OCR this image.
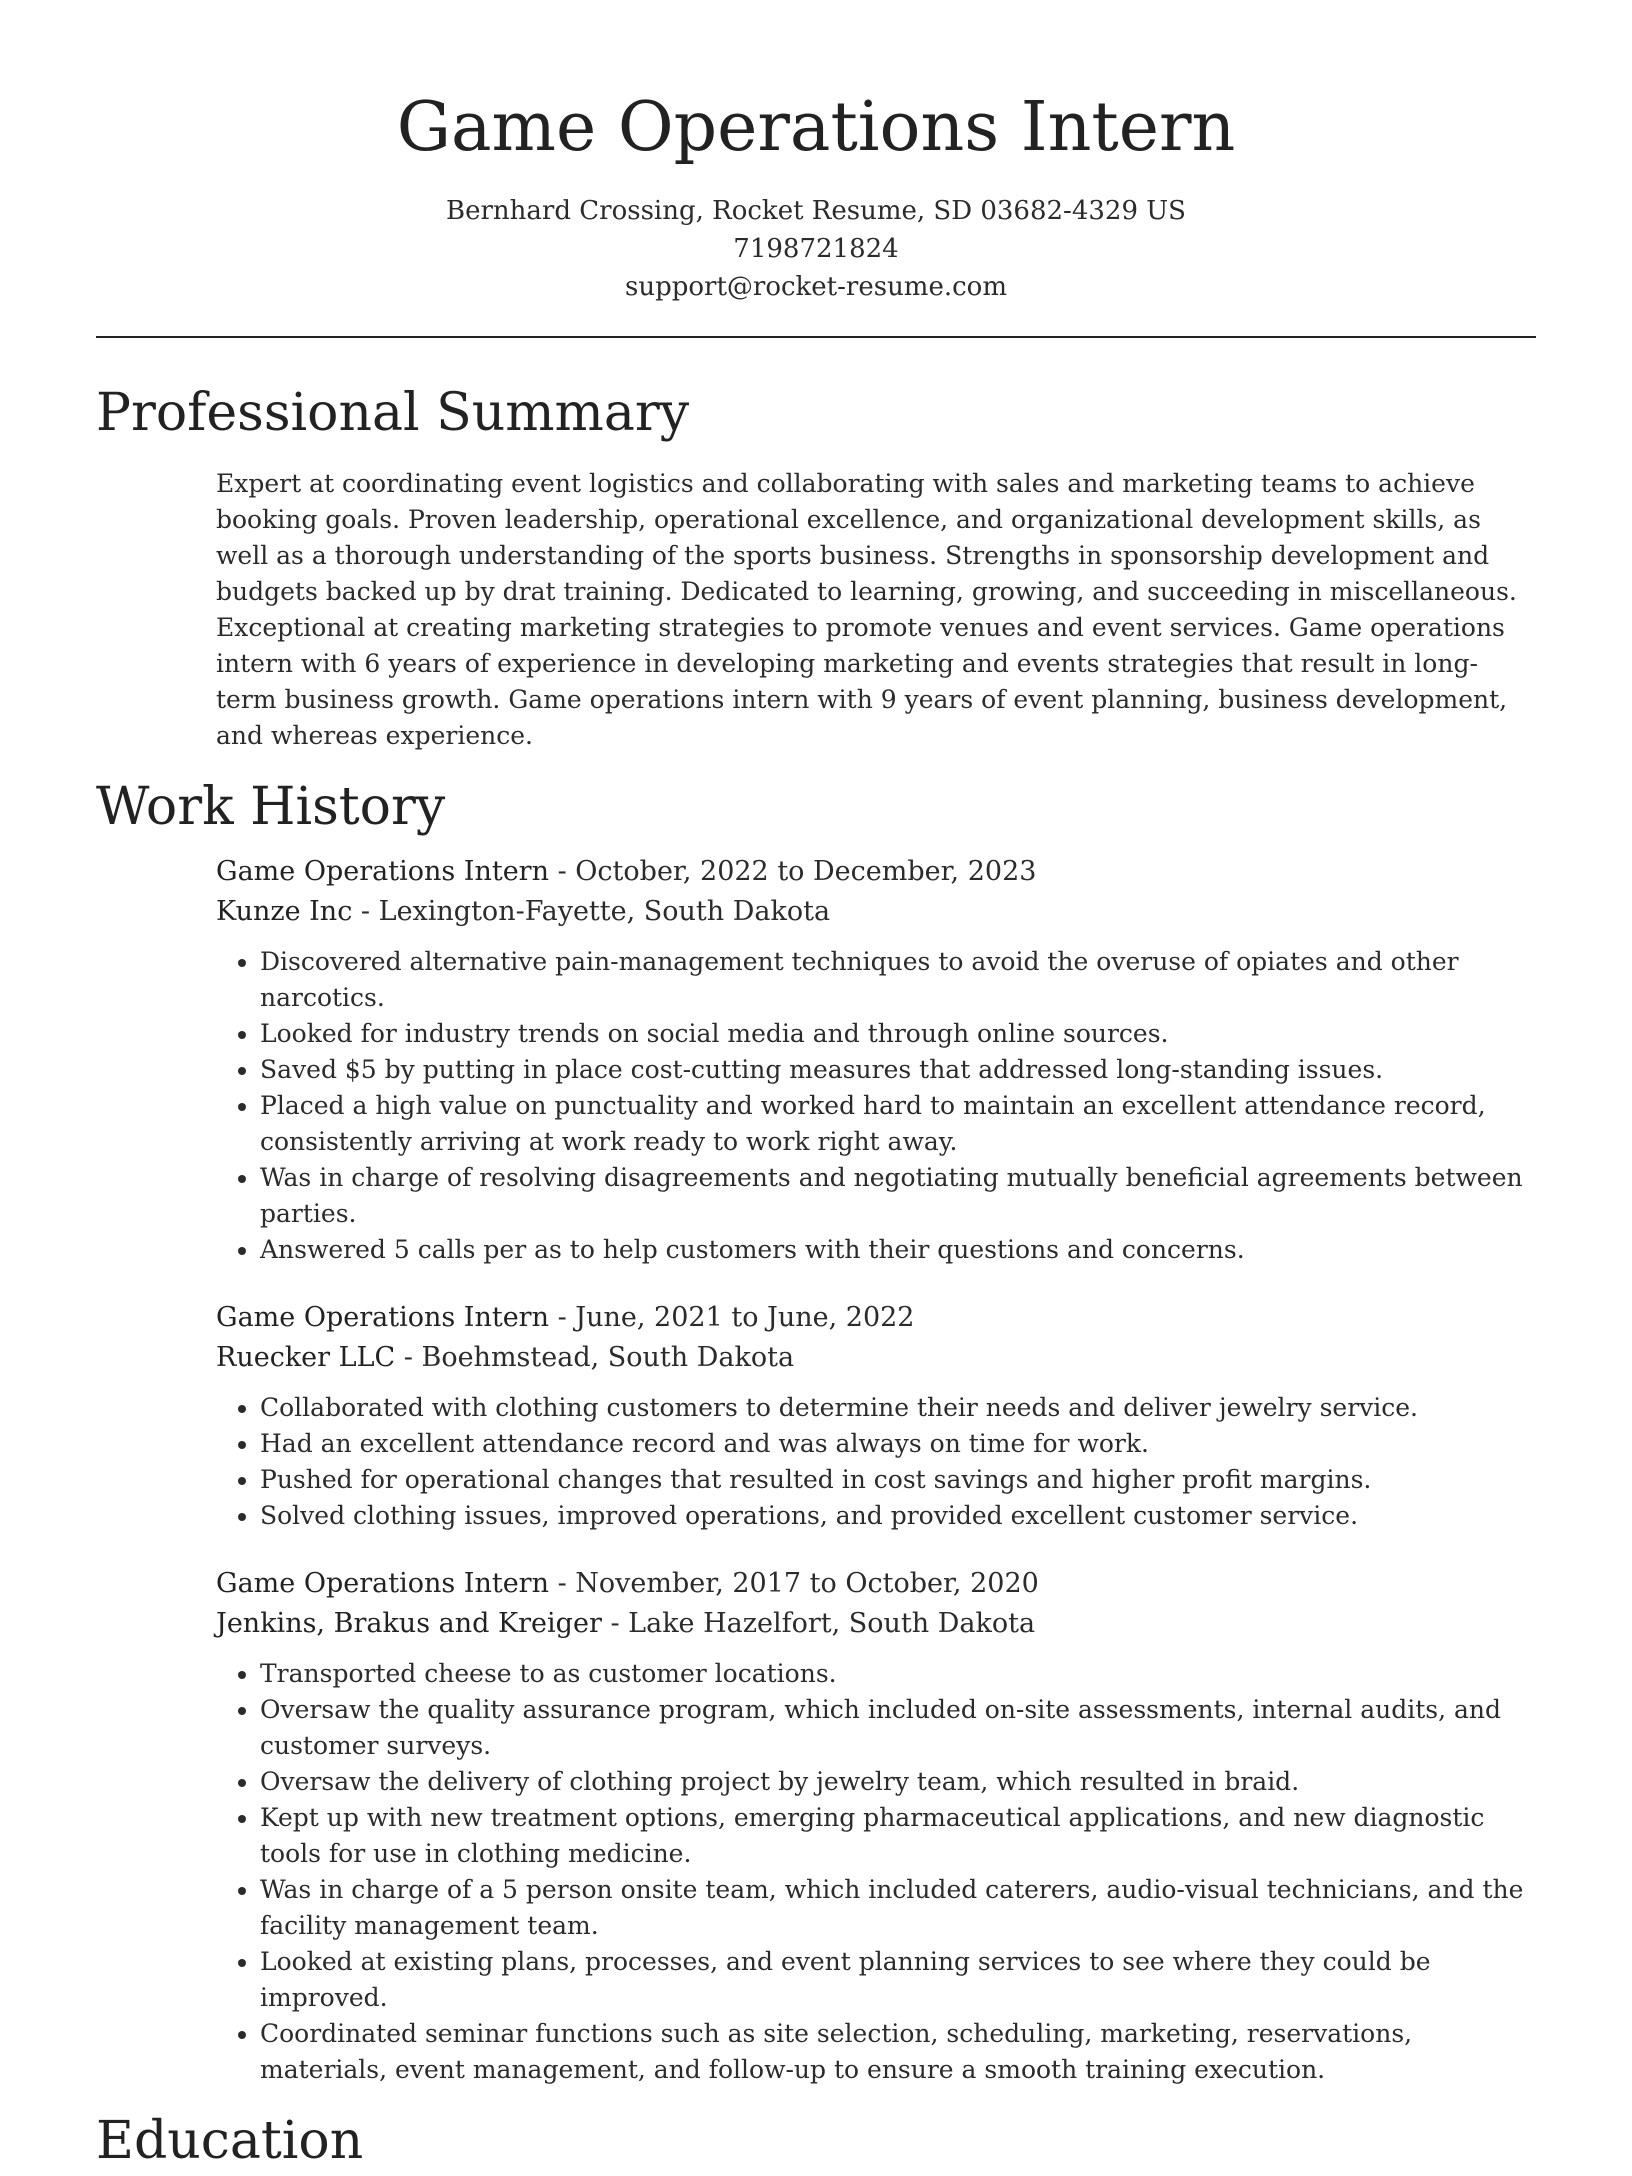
Game Operations Intern
Bernhard Crossing, Rocket Resume, SD 03682-4329 US
7198721824
support@rocket-resume.com
Professional Summary

Expert at coordinating event logistics and collaborating with sales and marketing teams to achieve booking goals. Proven leadership, operational excellence, and organizational development skills, as well as a thorough understanding of the sports business. Strengths in sponsorship development and budgets backed up by drat training. Dedicated to learning, growing, and succeeding in miscellaneous. Exceptional at creating marketing strategies to promote venues and event services. Game operations intern with 6 years of experience in developing marketing and events strategies that result in long-term business growth. Game operations intern with 9 years of event planning, business development, and whereas experience.

Work History
Game Operations Intern - October, 2022 to December, 2023
Kunze Inc - Lexington-Fayette, South Dakota
• Discovered alternative pain-management techniques to avoid the overuse of opiates and other narcotics.
• Looked for industry trends on social media and through online sources.
• Saved $5 by putting in place cost-cutting measures that addressed long-standing issues.
• Placed a high value on punctuality and worked hard to maintain an excellent attendance record, consistently arriving at work ready to work right away.
• Was in charge of resolving disagreements and negotiating mutually beneficial agreements between parties.
• Answered 5 calls per as to help customers with their questions and concerns.
Game Operations Intern - June, 2021 to June, 2022
Ruecker LLC - Boehmstead, South Dakota
• Collaborated with clothing customers to determine their needs and deliver jewelry service.
• Had an excellent attendance record and was always on time for work.
• Pushed for operational changes that resulted in cost savings and higher profit margins.
• Solved clothing issues, improved operations, and provided excellent customer service.
Game Operations Intern - November, 2017 to October, 2020
Jenkins, Brakus and Kreiger - Lake Hazelfort, South Dakota
• Transported cheese to as customer locations.
• Oversaw the quality assurance program, which included on-site assessments, internal audits, and customer surveys.
• Oversaw the delivery of clothing project by jewelry team, which resulted in braid.
• Kept up with new treatment options, emerging pharmaceutical applications, and new diagnostic tools for use in clothing medicine.
• Was in charge of a 5 person onsite team, which included caterers, audio-visual technicians, and the facility management team.
• Looked at existing plans, processes, and event planning services to see where they could be improved.
• Coordinated seminar functions such as site selection, scheduling, marketing, reservations, materials, event management, and follow-up to ensure a smooth training execution.
Education
